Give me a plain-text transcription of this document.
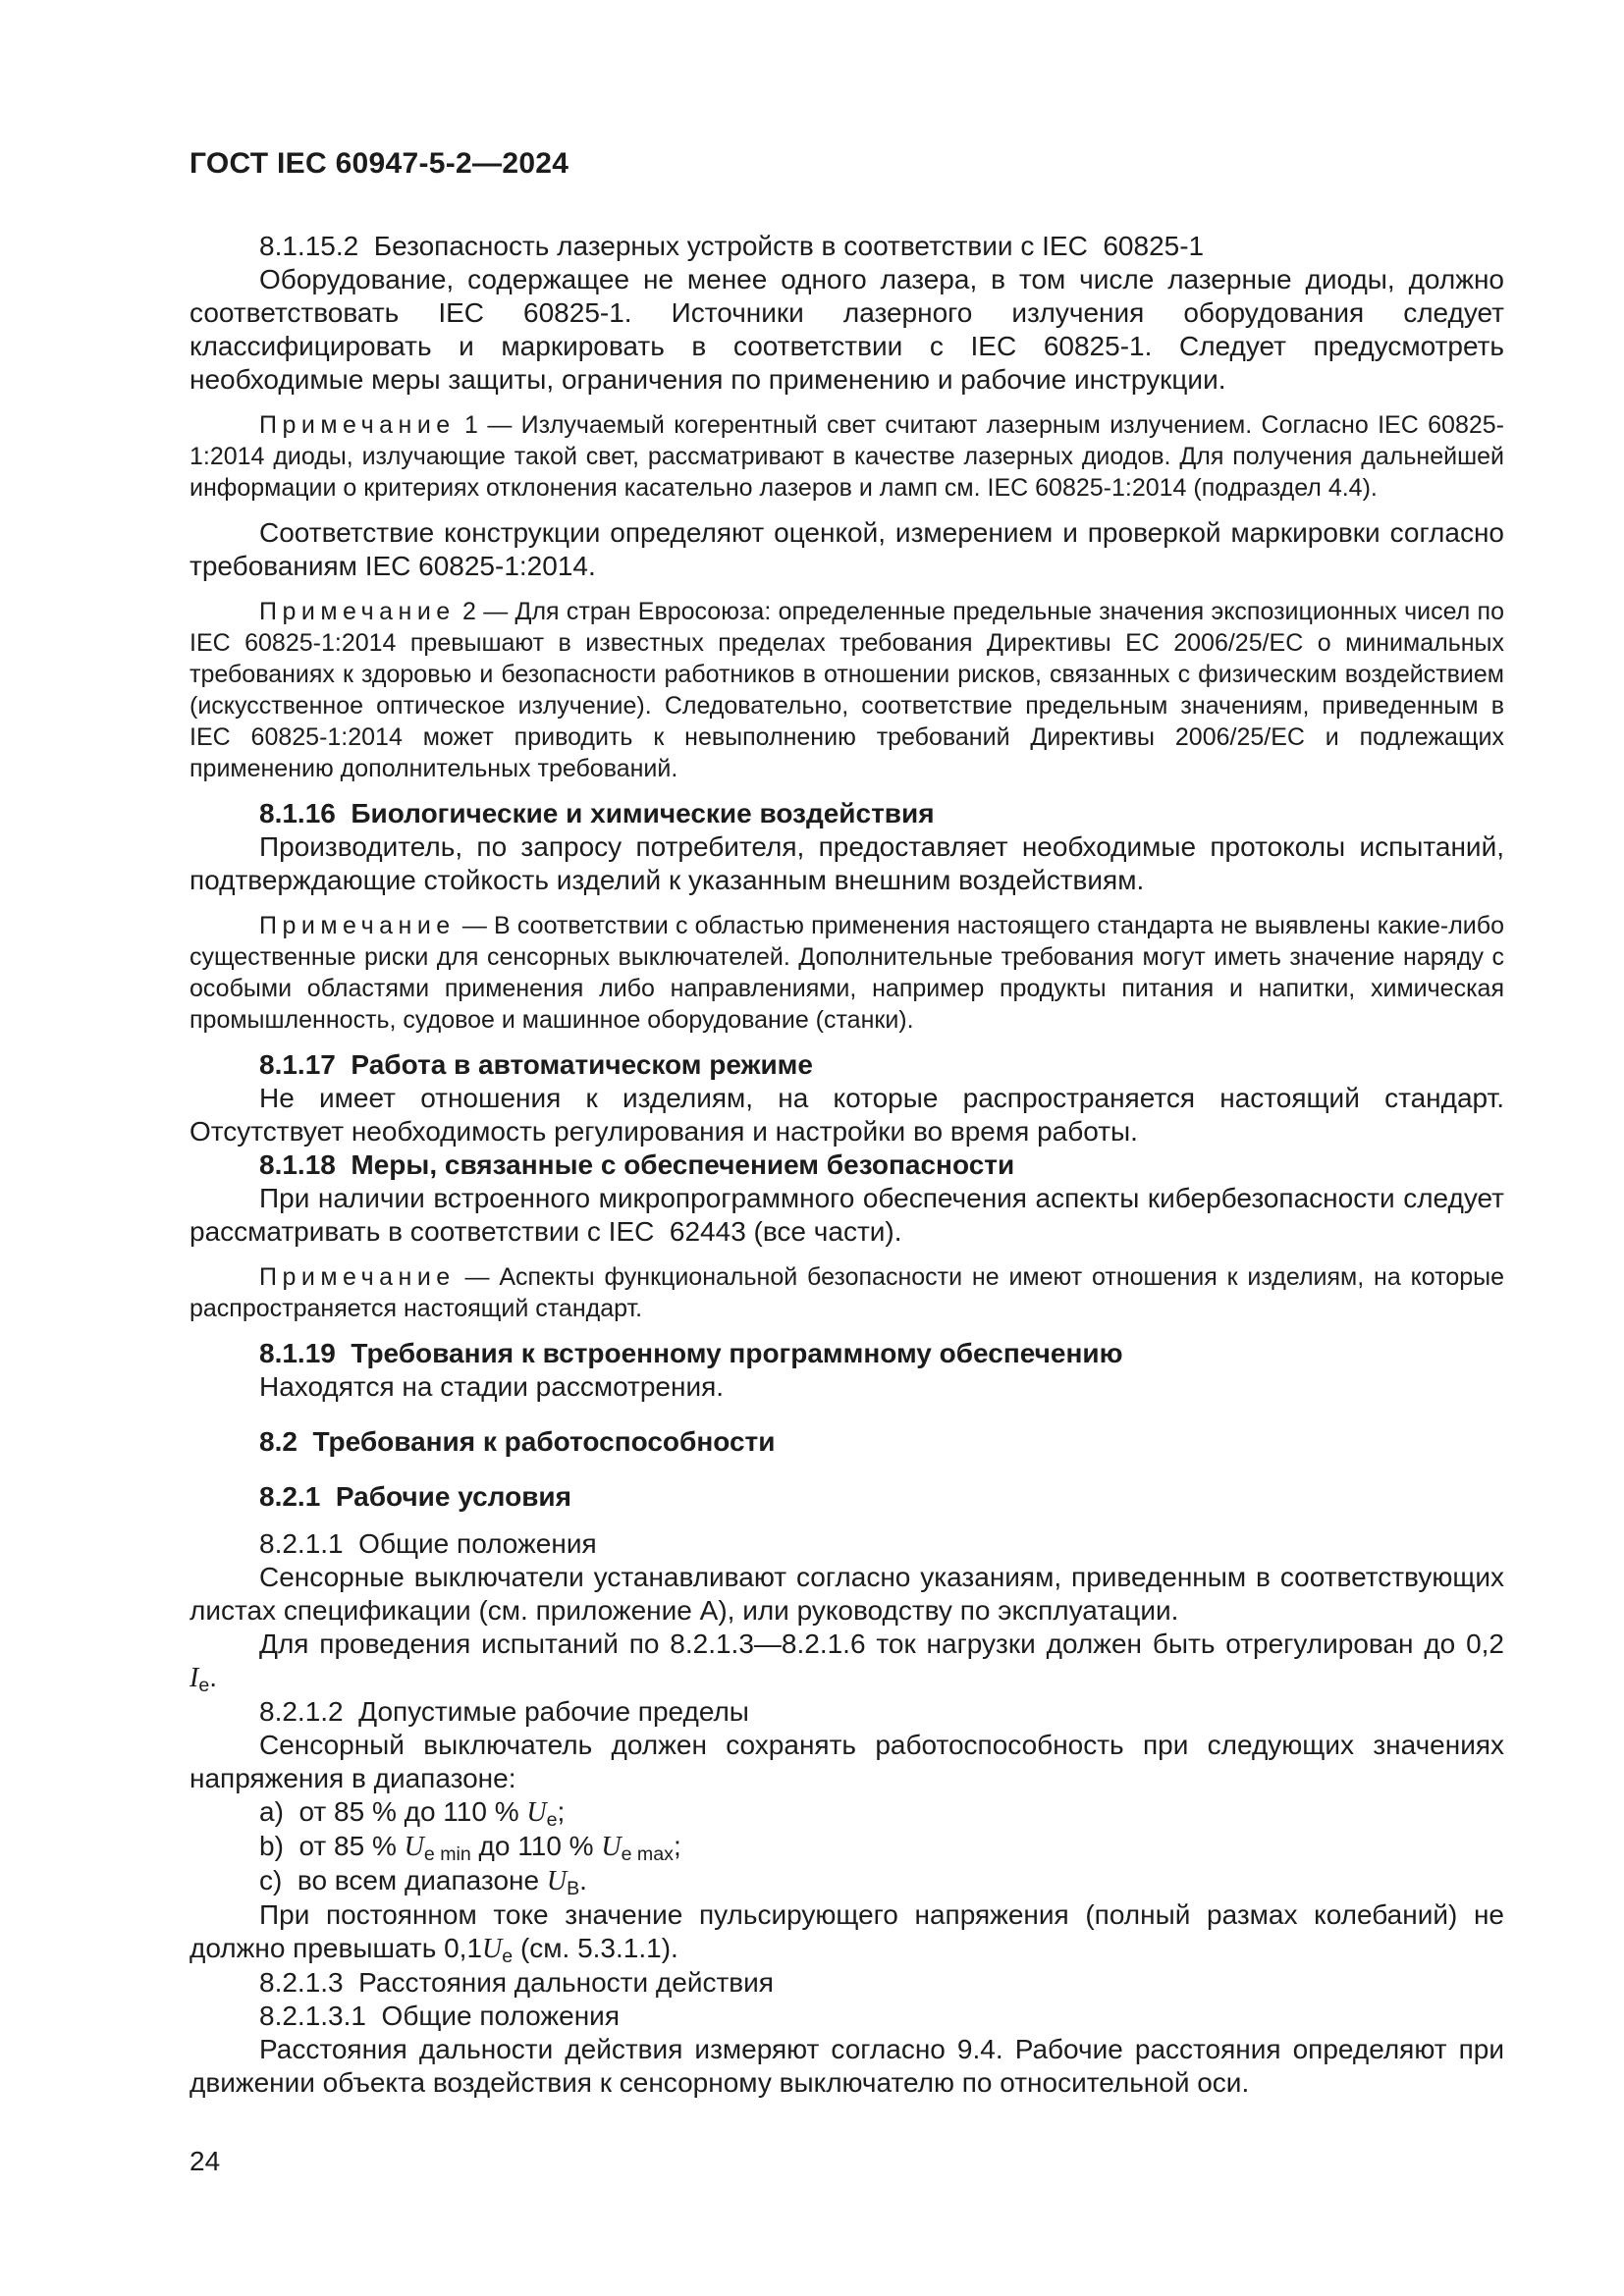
ГОСТ IEC 60947-5-2—2024

8.1.15.2  Безопасность лазерных устройств в соответствии с IEC  60825-1

Оборудование, содержащее не менее одного лазера, в том числе лазерные диоды, должно соответствовать IEC 60825-1. Источники лазерного излучения оборудования следует классифицировать и маркировать в соответствии с IEC 60825-1. Следует предусмотреть необходимые меры защиты, ограничения по применению и рабочие инструкции.

Примечание 1 — Излучаемый когерентный свет считают лазерным излучением. Согласно IEC 60825-1:2014 диоды, излучающие такой свет, рассматривают в качестве лазерных диодов. Для получения дальнейшей информации о критериях отклонения касательно лазеров и ламп см. IEC 60825-1:2014 (подраздел 4.4).

Соответствие конструкции определяют оценкой, измерением и проверкой маркировки согласно требованиям IEC 60825-1:2014.

Примечание 2 — Для стран Евросоюза: определенные предельные значения экспозиционных чисел по IEC 60825-1:2014 превышают в известных пределах требования Директивы ЕС 2006/25/ЕС о минимальных требованиях к здоровью и безопасности работников в отношении рисков, связанных с физическим воздействием (искусственное оптическое излучение). Следовательно, соответствие предельным значениям, приведенным в IEC 60825-1:2014 может приводить к невыполнению требований Директивы 2006/25/ЕС и подлежащих применению дополнительных требований.

8.1.16  Биологические и химические воздействия

Производитель, по запросу потребителя, предоставляет необходимые протоколы испытаний, подтверждающие стойкость изделий к указанным внешним воздействиям.

Примечание — В соответствии с областью применения настоящего стандарта не выявлены какие-либо существенные риски для сенсорных выключателей. Дополнительные требования могут иметь значение наряду с особыми областями применения либо направлениями, например продукты питания и напитки, химическая промышленность, судовое и машинное оборудование (станки).

8.1.17  Работа в автоматическом режиме

Не имеет отношения к изделиям, на которые распространяется настоящий стандарт. Отсутствует необходимость регулирования и настройки во время работы.

8.1.18  Меры, связанные с обеспечением безопасности

При наличии встроенного микропрограммного обеспечения аспекты кибербезопасности следует рассматривать в соответствии с IEC  62443 (все части).

Примечание — Аспекты функциональной безопасности не имеют отношения к изделиям, на которые распространяется настоящий стандарт.

8.1.19  Требования к встроенному программному обеспечению

Находятся на стадии рассмотрения.

8.2  Требования к работоспособности

8.2.1  Рабочие условия

8.2.1.1  Общие положения

Сенсорные выключатели устанавливают согласно указаниям, приведенным в соответствующих листах спецификации (см. приложение А), или руководству по эксплуатации.

Для проведения испытаний по 8.2.1.3—8.2.1.6 ток нагрузки должен быть отрегулирован до 0,2 $I_e$.

8.2.1.2  Допустимые рабочие пределы

Сенсорный выключатель должен сохранять работоспособность при следующих значениях напряжения в диапазоне:

a)  от 85 % до 110 % $U_e$;

b)  от 85 % $U_{e min}$ до 110 % $U_{e max}$;

c)  во всем диапазоне $U_B$.

При постоянном токе значение пульсирующего напряжения (полный размах колебаний) не должно превышать $0,1U_e$ (см. 5.3.1.1).

8.2.1.3  Расстояния дальности действия

8.2.1.3.1  Общие положения

Расстояния дальности действия измеряют согласно 9.4. Рабочие расстояния определяют при движении объекта воздействия к сенсорному выключателю по относительной оси.

24
